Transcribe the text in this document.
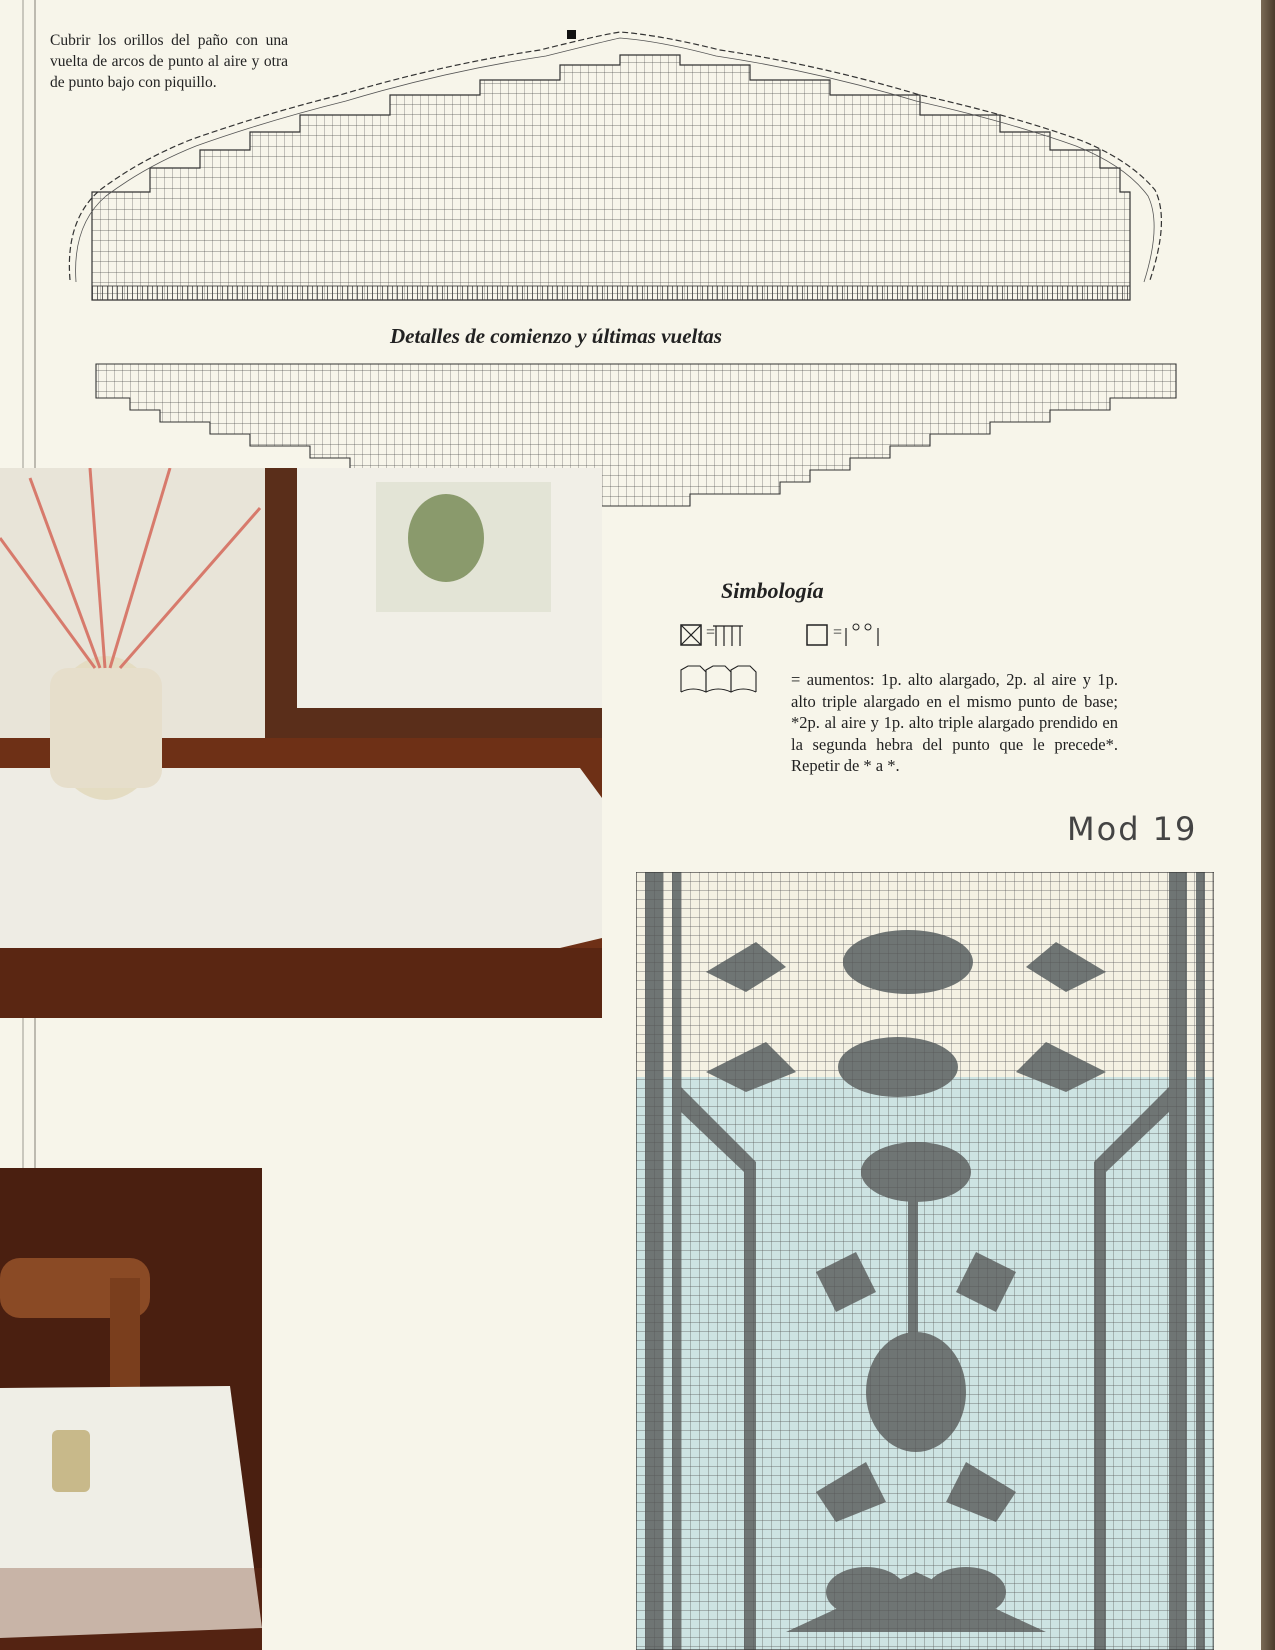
Cubrir los orillos del paño con una vuelta de arcos de punto al aire y otra de punto bajo con piquillo.
Detalles de comienzo y últimas vueltas
Simbología
=	=
= aumentos: 1p. alto alargado, 2p. al aire y 1p. alto triple alargado en el mismo punto de base; *2p. al aire y 1p. alto triple alargado prendido en la segunda hebra del punto que le precede*. Repetir de * a *.
Mod 19
